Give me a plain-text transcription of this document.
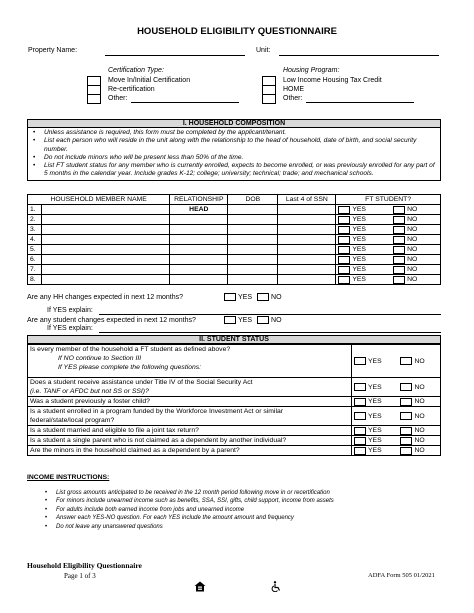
HOUSEHOLD ELIGIBILITY QUESTIONNAIRE
Property Name:	Unit:
Certification Type:
Move In/Initial Certification
Re-certification
Other:
Housing Program:
Low Income Housing Tax Credit
HOME
Other:
I. HOUSEHOLD COMPOSITION
• Unless assistance is required, this form must be completed by the applicant/tenant.
• List each person who will reside in the unit along with the relationship to the head of household, date of birth, and social security number.
• Do not include minors who will be present less than 50% of the time.
• List FT student status for any member who is currently enrolled, expects to become enrolled, or was previously enrolled for any part of 5 months in the calendar year. Include grades K-12; college; university; technical; trade; and mechanical schools.
HOUSEHOLD MEMBER NAME		RELATIONSHIP	DOB	Last 4 of SSN	FT STUDENT?	
1.		HEAD			YES	NO

2.					YES	NO

3.					YES	NO

4.					YES	NO

5.					YES	NO

6.					YES	NO

7.					YES	NO

8.					YES	NO
Are any HH changes expected in next 12 months?	YES	NO
If YES explain:
Are any student changes expected in next 12 months?	YES	NO
If YES explain:
II. STUDENT STATUS
Is every member of the household a FT student as defined above?
If NO continue to Section III
If YES please complete the following questions:	YES	NO

Does a student receive assistance under Title IV of the Social Security Act
(i.e. TANF or AFDC but not SS or SSI)?	YES	NO

Was a student previously a foster child?	YES	NO

Is a student enrolled in a program funded by the Workforce Investment Act or similar
federal/state/local program?	YES	NO

Is a student married and eligible to file a joint tax return?	YES	NO

Is a student a single parent who is not claimed as a dependent by another individual?	YES	NO

Are the minors in the household claimed as a dependent by a parent?	YES	NO
INCOME INSTRUCTIONS:
• List gross amounts anticipated to be received in the 12 month period following move in or recertification
• For minors include unearned income such as benefits, SSA, SSI, gifts, child support, income from assets
• For adults include both earned income from jobs and unearned income
• Answer each YES-NO question. For each YES include the amount amount and frequency
• Do not leave any unanswered questions
Household Eligibility Questionnaire
Page 1 of 3	ADFA Form 505 01/2021
